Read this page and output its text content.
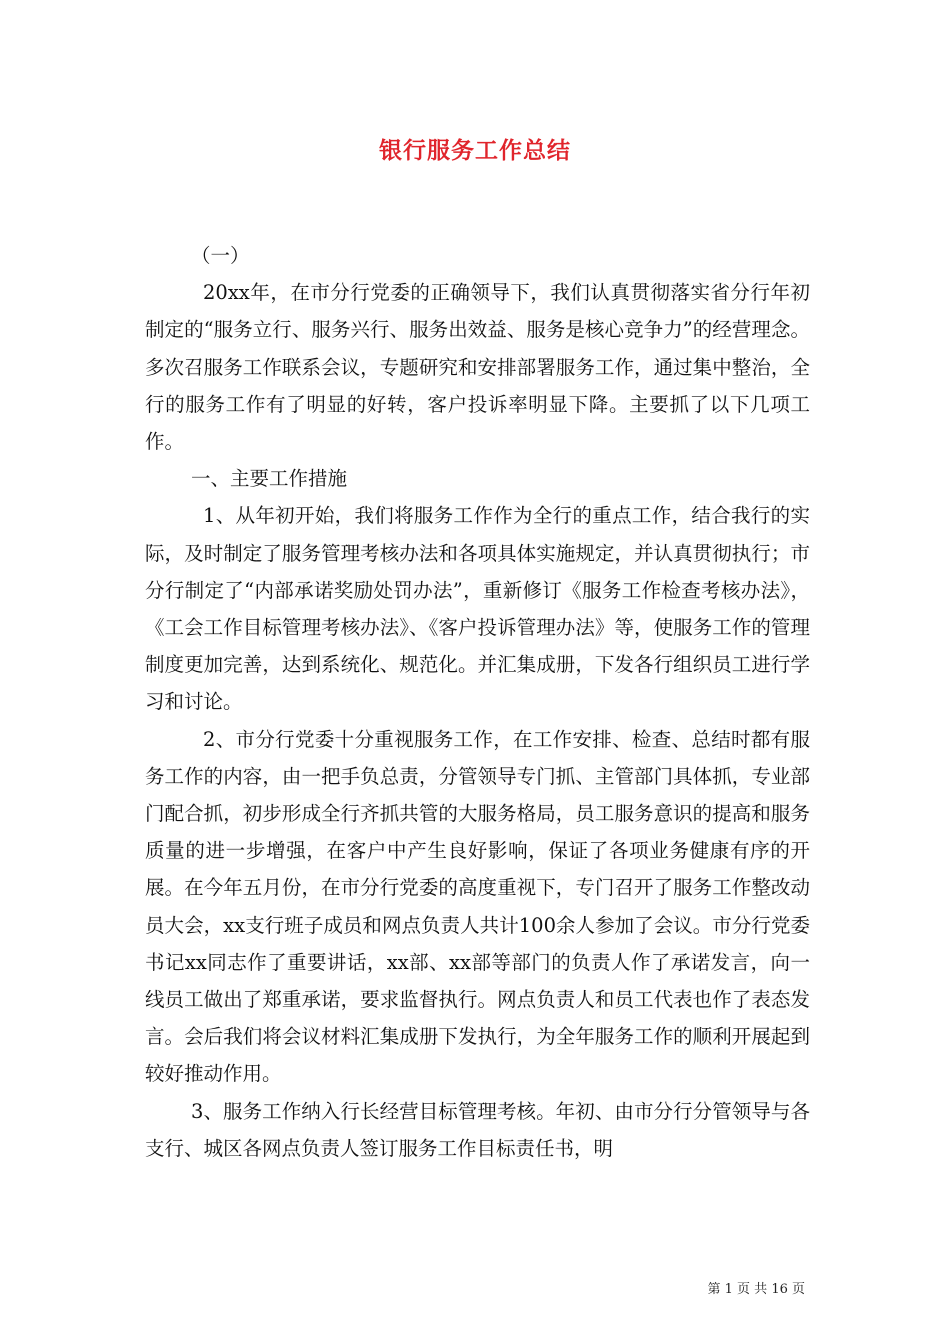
银行服务工作总结

（一）

20xx年，在市分行党委的正确领导下，我们认真贯彻落实省分行年初制定的“服务立行、服务兴行、服务出效益、服务是核心竞争力”的经营理念。多次召服务工作联系会议，专题研究和安排部署服务工作，通过集中整治，全行的服务工作有了明显的好转，客户投诉率明显下降。主要抓了以下几项工作。

一、主要工作措施

1、从年初开始，我们将服务工作作为全行的重点工作，结合我行的实际，及时制定了服务管理考核办法和各项具体实施规定，并认真贯彻执行；市分行制定了“内部承诺奖励处罚办法”，重新修订《服务工作检查考核办法》，《工会工作目标管理考核办法》、《客户投诉管理办法》等，使服务工作的管理制度更加完善，达到系统化、规范化。并汇集成册，下发各行组织员工进行学习和讨论。

2、市分行党委十分重视服务工作，在工作安排、检查、总结时都有服务工作的内容，由一把手负总责，分管领导专门抓、主管部门具体抓，专业部门配合抓，初步形成全行齐抓共管的大服务格局，员工服务意识的提高和服务质量的进一步增强，在客户中产生良好影响，保证了各项业务健康有序的开展。在今年五月份，在市分行党委的高度重视下，专门召开了服务工作整改动员大会，xx支行班子成员和网点负责人共计100余人参加了会议。市分行党委书记xx同志作了重要讲话，xx部、xx部等部门的负责人作了承诺发言，向一线员工做出了郑重承诺，要求监督执行。网点负责人和员工代表也作了表态发言。会后我们将会议材料汇集成册下发执行，为全年服务工作的顺利开展起到较好推动作用。

3、服务工作纳入行长经营目标管理考核。年初、由市分行分管领导与各支行、城区各网点负责人签订服务工作目标责任书，明

第 1 页 共 16 页
